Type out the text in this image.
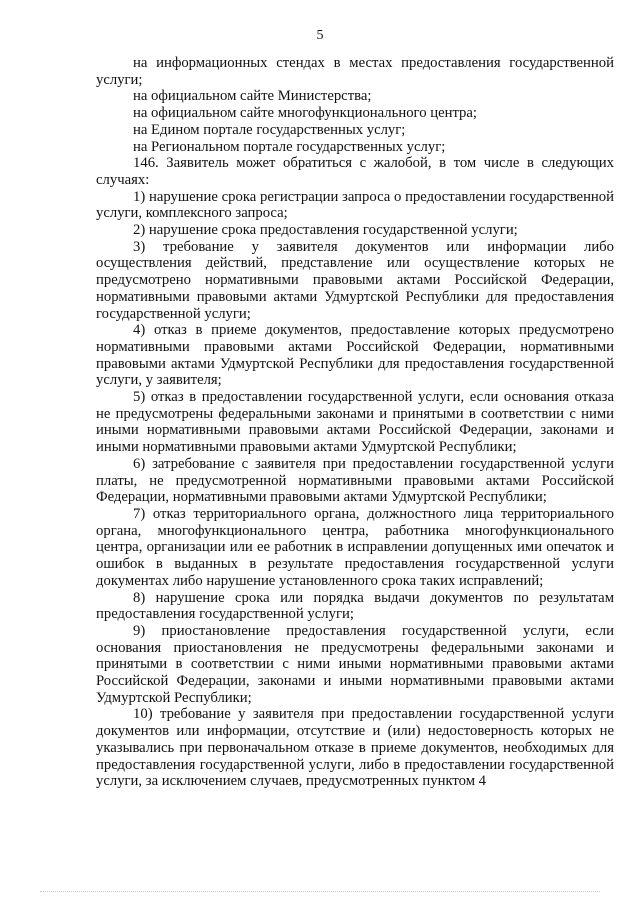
5

на информационных стендах в местах предоставления государственной услуги;

на официальном сайте Министерства;

на официальном сайте многофункционального центра;

на Едином портале государственных услуг;

на Региональном портале государственных услуг;

146. Заявитель может обратиться с жалобой, в том числе в следующих случаях:

1) нарушение срока регистрации запроса о предоставлении государственной услуги, комплексного запроса;

2) нарушение срока предоставления государственной услуги;

3) требование у заявителя документов или информации либо осуществления действий, представление или осуществление которых не предусмотрено нормативными правовыми актами Российской Федерации, нормативными правовыми актами Удмуртской Республики для предоставления государственной услуги;

4) отказ в приеме документов, предоставление которых предусмотрено нормативными правовыми актами Российской Федерации, нормативными правовыми актами Удмуртской Республики для предоставления государственной услуги, у заявителя;

5) отказ в предоставлении государственной услуги, если основания отказа не предусмотрены федеральными законами и принятыми в соответствии с ними иными нормативными правовыми актами Российской Федерации, законами и иными нормативными правовыми актами Удмуртской Республики;

6) затребование с заявителя при предоставлении государственной услуги платы, не предусмотренной нормативными правовыми актами Российской Федерации, нормативными правовыми актами Удмуртской Республики;

7) отказ территориального органа, должностного лица территориального органа, многофункционального центра, работника многофункционального центра, организации или ее работник в исправлении допущенных ими опечаток и ошибок в выданных в результате предоставления государственной услуги документах либо нарушение установленного срока таких исправлений;

8) нарушение срока или порядка выдачи документов по результатам предоставления государственной услуги;

9) приостановление предоставления государственной услуги, если основания приостановления не предусмотрены федеральными законами и принятыми в соответствии с ними иными нормативными правовыми актами Российской Федерации, законами и иными нормативными правовыми актами Удмуртской Республики;

10) требование у заявителя при предоставлении государственной услуги документов или информации, отсутствие и (или) недостоверность которых не указывались при первоначальном отказе в приеме документов, необходимых для предоставления государственной услуги, либо в предоставлении государственной услуги, за исключением случаев, предусмотренных пунктом 4
